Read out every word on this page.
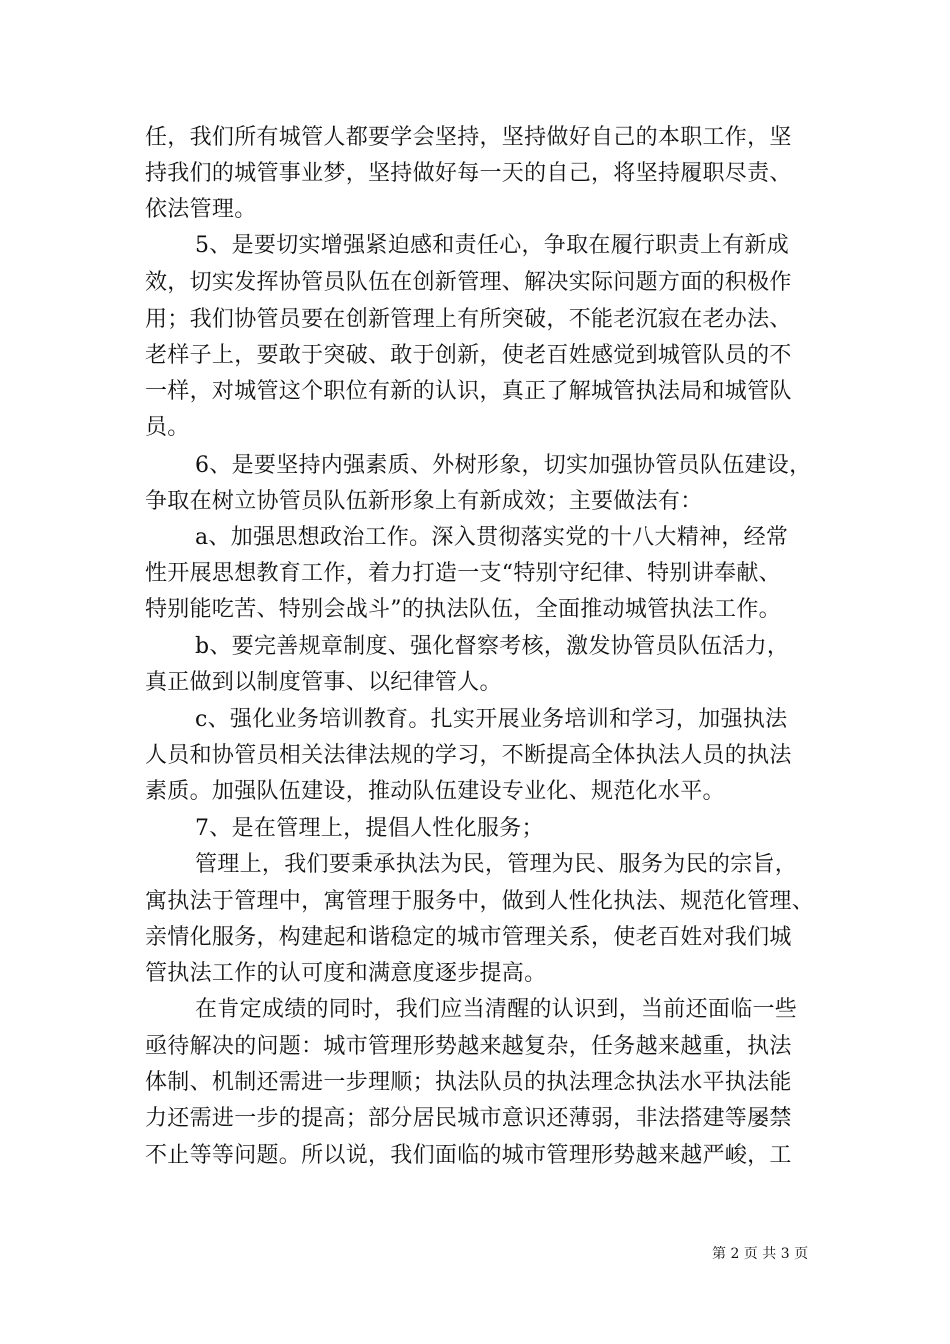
任，我们所有城管人都要学会坚持，坚持做好自己的本职工作，坚
持我们的城管事业梦，坚持做好每一天的自己，将坚持履职尽责、
依法管理。
5、是要切实增强紧迫感和责任心，争取在履行职责上有新成
效，切实发挥协管员队伍在创新管理、解决实际问题方面的积极作
用；我们协管员要在创新管理上有所突破，不能老沉寂在老办法、
老样子上，要敢于突破、敢于创新，使老百姓感觉到城管队员的不
一样，对城管这个职位有新的认识，真正了解城管执法局和城管队
员。
6、是要坚持内强素质、外树形象，切实加强协管员队伍建设，
争取在树立协管员队伍新形象上有新成效；主要做法有：
a、加强思想政治工作。深入贯彻落实党的十八大精神，经常
性开展思想教育工作，着力打造一支“特别守纪律、特别讲奉献、
特别能吃苦、特别会战斗”的执法队伍，全面推动城管执法工作。
b、要完善规章制度、强化督察考核，激发协管员队伍活力，
真正做到以制度管事、以纪律管人。
c、强化业务培训教育。扎实开展业务培训和学习，加强执法
人员和协管员相关法律法规的学习，不断提高全体执法人员的执法
素质。加强队伍建设，推动队伍建设专业化、规范化水平。
7、是在管理上，提倡人性化服务；
管理上，我们要秉承执法为民，管理为民、服务为民的宗旨，
寓执法于管理中，寓管理于服务中，做到人性化执法、规范化管理、
亲情化服务，构建起和谐稳定的城市管理关系，使老百姓对我们城
管执法工作的认可度和满意度逐步提高。
在肯定成绩的同时，我们应当清醒的认识到，当前还面临一些
亟待解决的问题：城市管理形势越来越复杂，任务越来越重，执法
体制、机制还需进一步理顺；执法队员的执法理念执法水平执法能
力还需进一步的提高；部分居民城市意识还薄弱，非法搭建等屡禁
不止等等问题。所以说，我们面临的城市管理形势越来越严峻，工
第 2 页 共 3 页
